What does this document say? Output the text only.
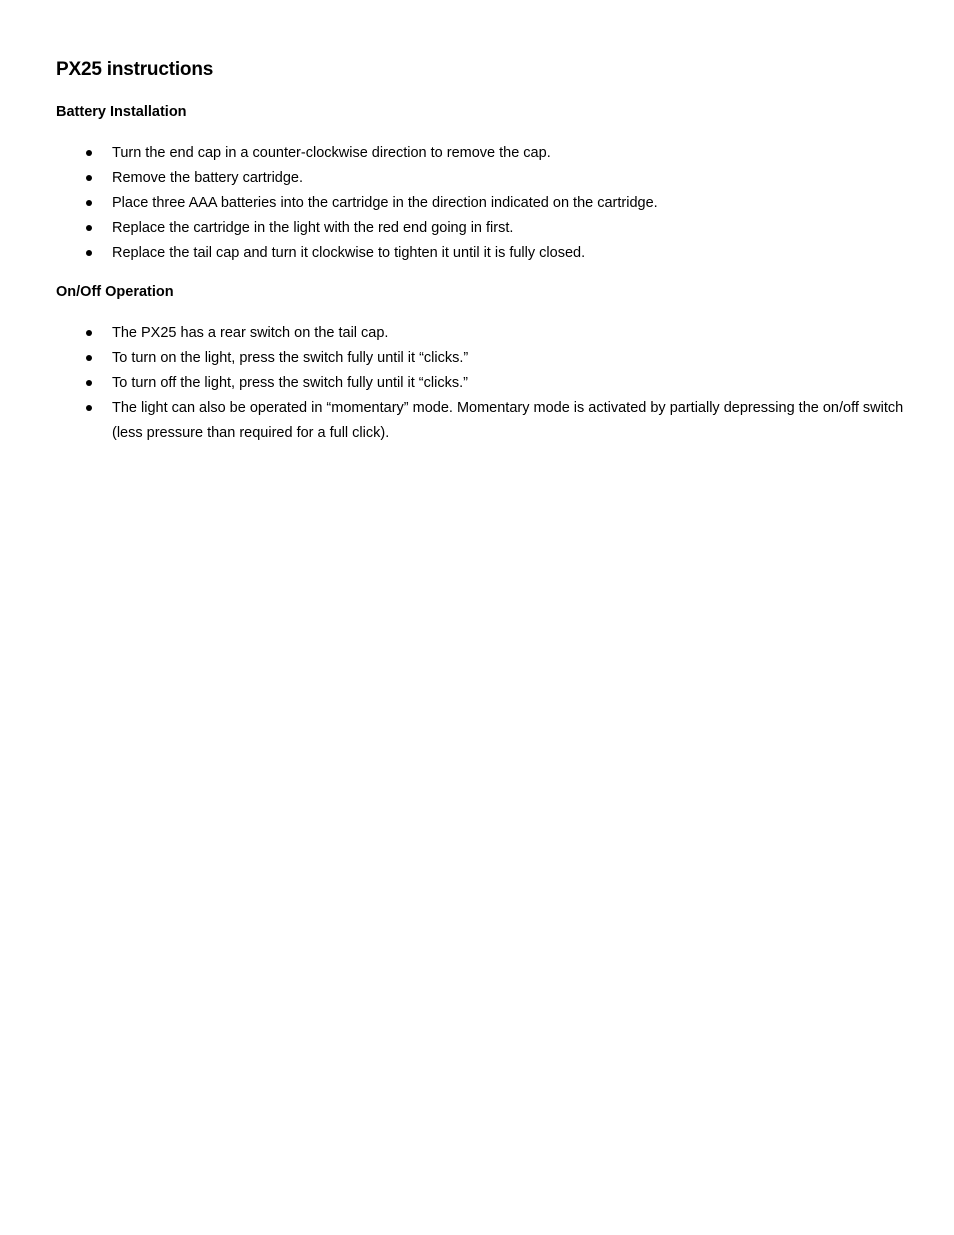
PX25 instructions
Battery Installation
Turn the end cap in a counter-clockwise direction to remove the cap.
Remove the battery cartridge.
Place three AAA batteries into the cartridge in the direction indicated on the cartridge.
Replace the cartridge in the light with the red end going in first.
Replace the tail cap and turn it clockwise to tighten it until it is fully closed.
On/Off Operation
The PX25 has a rear switch on the tail cap.
To turn on the light, press the switch fully until it “clicks.”
To turn off the light, press the switch fully until it “clicks.”
The light can also be operated in “momentary” mode. Momentary mode is activated by partially depressing the on/off switch (less pressure than required for a full click).
